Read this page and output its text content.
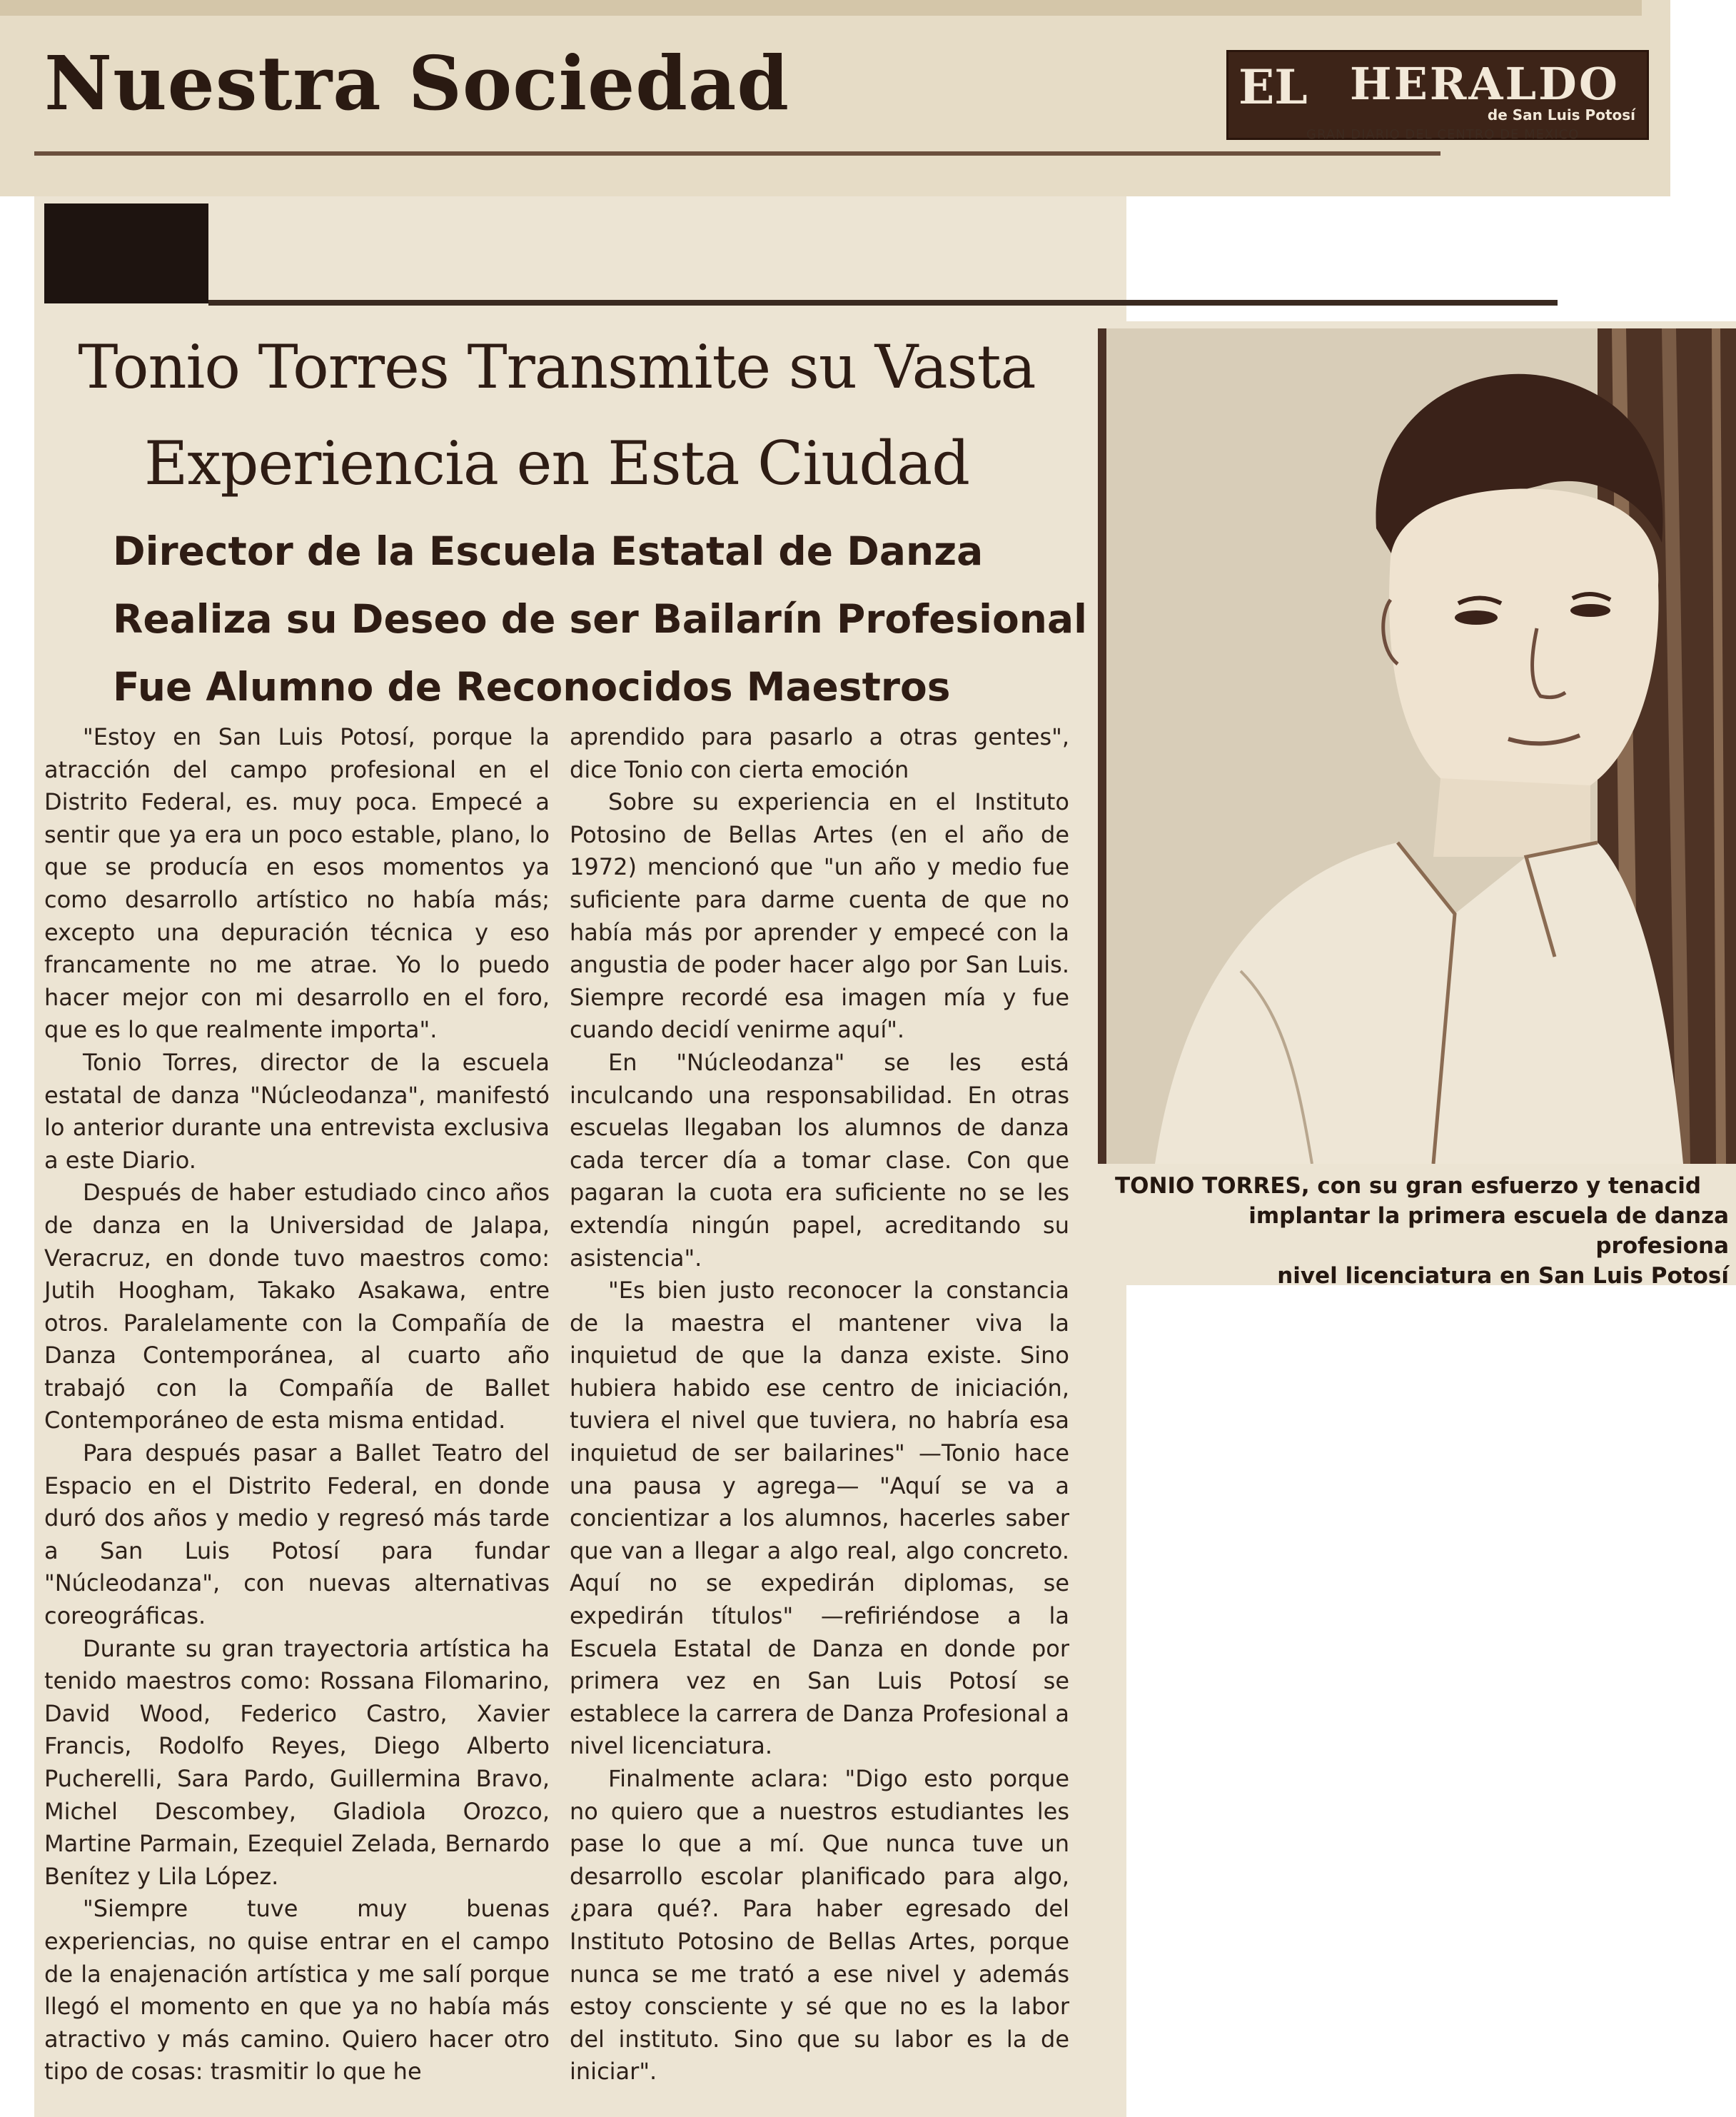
Nuestra Sociedad	EL HERALDO
de San Luis Potosí
GRAN DIARIO DEL CENTRO DE MEXICO
Tonio Torres Transmite su Vasta
Experiencia en Esta Ciudad
Director de la Escuela Estatal de Danza
Realiza su Deseo de ser Bailarín Profesional
Fue Alumno de Reconocidos Maestros

"Estoy en San Luis Potosí, porque la atracción del campo profesional en el Distrito Federal, es. muy poca. Empecé a sentir que ya era un poco estable, plano, lo que se producía en esos momentos ya como desarrollo artístico no había más; excepto una depuración técnica y eso francamente no me atrae. Yo lo puedo hacer mejor con mi desarrollo en el foro, que es lo que realmente importa".

Tonio Torres, director de la escuela estatal de danza "Núcleodanza", manifestó lo anterior durante una entrevista exclusiva a este Diario.

Después de haber estudiado cinco años de danza en la Universidad de Jalapa, Veracruz, en donde tuvo maestros como: Jutih Hoogham, Takako Asakawa, entre otros. Paralelamente con la Compañía de Danza Contemporánea, al cuarto año trabajó con la Compañía de Ballet Contemporáneo de esta misma entidad.

Para después pasar a Ballet Teatro del Espacio en el Distrito Federal, en donde duró dos años y medio y regresó más tarde a San Luis Potosí para fundar "Núcleodanza", con nuevas alternativas coreográficas.

Durante su gran trayectoria artística ha tenido maestros como: Rossana Filomarino, David Wood, Federico Castro, Xavier Francis, Rodolfo Reyes, Diego Alberto Pucherelli, Sara Pardo, Guillermina Bravo, Michel Descombey, Gladiola Orozco, Martine Parmain, Ezequiel Zelada, Bernardo Benítez y Lila López.

"Siempre tuve muy buenas experiencias, no quise entrar en el campo de la enajenación artística y me salí porque llegó el momento en que ya no había más atractivo y más camino. Quiero hacer otro tipo de cosas: trasmitir lo que he

aprendido para pasarlo a otras gentes", dice Tonio con cierta emoción

Sobre su experiencia en el Instituto Potosino de Bellas Artes (en el año de 1972) mencionó que "un año y medio fue suficiente para darme cuenta de que no había más por aprender y empecé con la angustia de poder hacer algo por San Luis. Siempre recordé esa imagen mía y fue cuando decidí venirme aquí".

En "Núcleodanza" se les está inculcando una responsabilidad. En otras escuelas llegaban los alumnos de danza cada tercer día a tomar clase. Con que pagaran la cuota era suficiente no se les extendía ningún papel, acreditando su asistencia".

"Es bien justo reconocer la constancia de la maestra el mantener viva la inquietud de que la danza existe. Sino hubiera habido ese centro de iniciación, tuviera el nivel que tuviera, no habría esa inquietud de ser bailarines" —Tonio hace una pausa y agrega— "Aquí se va a concientizar a los alumnos, hacerles saber que van a llegar a algo real, algo concreto. Aquí no se expedirán diplomas, se expedirán títulos" —refiriéndose a la Escuela Estatal de Danza en donde por primera vez en San Luis Potosí se establece la carrera de Danza Profesional a nivel licenciatura.

Finalmente aclara: "Digo esto porque no quiero que a nuestros estudiantes les pase lo que a mí. Que nunca tuve un desarrollo escolar planificado para algo, ¿para qué?. Para haber egresado del Instituto Potosino de Bellas Artes, porque nunca se me trató a ese nivel y además estoy consciente y sé que no es la labor del instituto. Sino que su labor es la de iniciar".

TONIO TORRES, con su gran esfuerzo y tenacid
implantar la primera escuela de danza profesiona
nivel licenciatura en San Luis Potosí
